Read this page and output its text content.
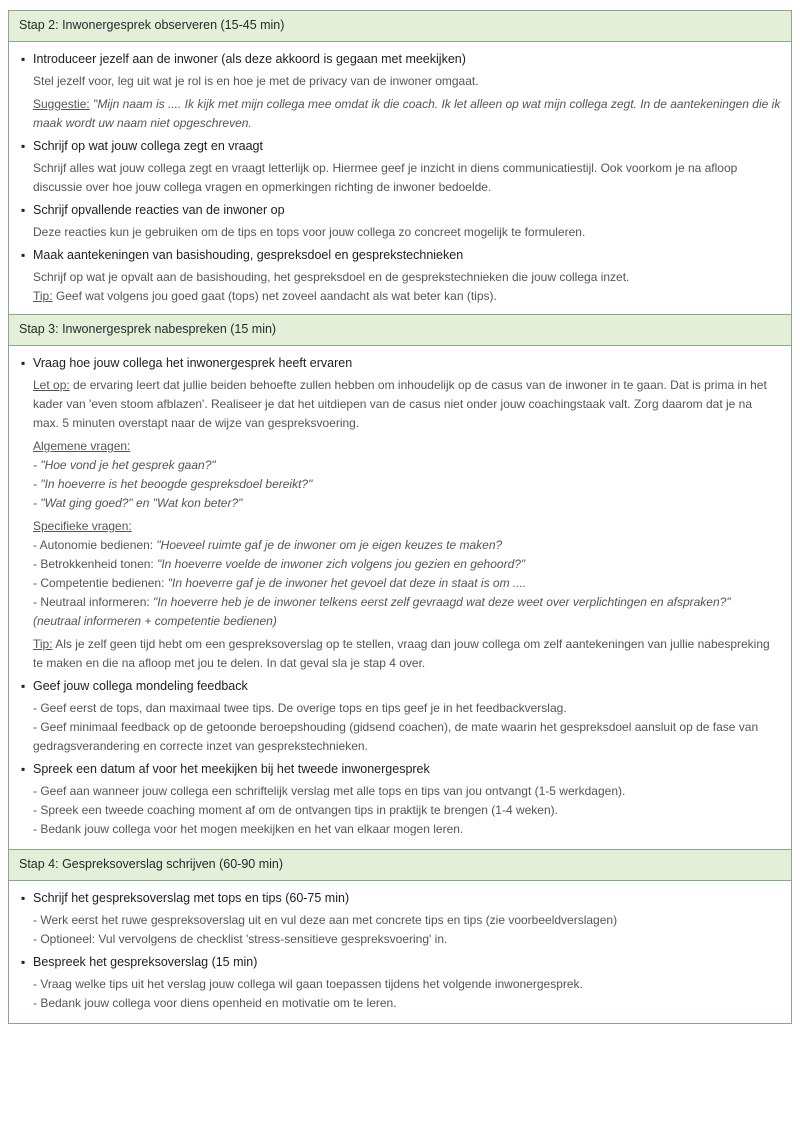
Stap 2: Inwonergesprek observeren (15-45 min)
▪ Introduceer jezelf aan de inwoner (als deze akkoord is gegaan met meekijken)

Stel jezelf voor, leg uit wat je rol is en hoe je met de privacy van de inwoner omgaat.

Suggestie: "Mijn naam is .... Ik kijk met mijn collega mee omdat ik die coach. Ik let alleen op wat mijn collega zegt. In de aantekeningen die ik maak wordt uw naam niet opgeschreven.

▪ Schrijf op wat jouw collega zegt en vraagt

Schrijf alles wat jouw collega zegt en vraagt letterlijk op. Hiermee geef je inzicht in diens communicatiestijl. Ook voorkom je na afloop discussie over hoe jouw collega vragen en opmerkingen richting de inwoner bedoelde.

▪ Schrijf opvallende reacties van de inwoner op

Deze reacties kun je gebruiken om de tips en tops voor jouw collega zo concreet mogelijk te formuleren.

▪ Maak aantekeningen van basishouding, gespreksdoel en gesprekstechnieken

Schrijf op wat je opvalt aan de basishouding, het gespreksdoel en de gesprekstechnieken die jouw collega inzet.

Tip: Geef wat volgens jou goed gaat (tops) net zoveel aandacht als wat beter kan (tips).

Stap 3: Inwonergesprek nabespreken (15 min)
▪ Vraag hoe jouw collega het inwonergesprek heeft ervaren

Let op: de ervaring leert dat jullie beiden behoefte zullen hebben om inhoudelijk op de casus van de inwoner in te gaan. Dat is prima in het kader van 'even stoom afblazen'. Realiseer je dat het uitdiepen van de casus niet onder jouw coachingstaak valt. Zorg daarom dat je na max. 5 minuten overstapt naar de wijze van gespreksvoering.

Algemene vragen:
- "Hoe vond je het gesprek gaan?"
- "In hoeverre is het beoogde gespreksdoel bereikt?"
- "Wat ging goed?" en "Wat kon beter?"
Specifieke vragen:
- Autonomie bedienen: "Hoeveel ruimte gaf je de inwoner om je eigen keuzes te maken?
- Betrokkenheid tonen: "In hoeverre voelde de inwoner zich volgens jou gezien en gehoord?"
- Competentie bedienen: "In hoeverre gaf je de inwoner het gevoel dat deze in staat is om ....
- Neutraal informeren: "In hoeverre heb je de inwoner telkens eerst zelf gevraagd wat deze weet over verplichtingen en afspraken?" (neutraal informeren + competentie bedienen)

Tip: Als je zelf geen tijd hebt om een gespreksoverslag op te stellen, vraag dan jouw collega om zelf aantekeningen van jullie nabespreking te maken en die na afloop met jou te delen. In dat geval sla je stap 4 over.

▪ Geef jouw collega mondeling feedback
- Geef eerst de tops, dan maximaal twee tips. De overige tops en tips geef je in het feedbackverslag.
- Geef minimaal feedback op de getoonde beroepshouding (gidsend coachen), de mate waarin het gespreksdoel aansluit op de fase van gedragsverandering en correcte inzet van gesprekstechnieken.
▪ Spreek een datum af voor het meekijken bij het tweede inwonergesprek
- Geef aan wanneer jouw collega een schriftelijk verslag met alle tops en tips van jou ontvangt (1-5 werkdagen).
- Spreek een tweede coaching moment af om de ontvangen tips in praktijk te brengen (1-4 weken).
- Bedank jouw collega voor het mogen meekijken en het van elkaar mogen leren.
Stap 4: Gespreksoverslag schrijven (60-90 min)
▪ Schrijf het gespreksoverslag met tops en tips (60-75 min)
- Werk eerst het ruwe gespreksoverslag uit en vul deze aan met concrete tips en tips (zie voorbeeldverslagen)
- Optioneel: Vul vervolgens de checklist 'stress-sensitieve gespreksvoering' in.
▪ Bespreek het gespreksoverslag (15 min)
- Vraag welke tips uit het verslag jouw collega wil gaan toepassen tijdens het volgende inwonergesprek.
- Bedank jouw collega voor diens openheid en motivatie om te leren.
